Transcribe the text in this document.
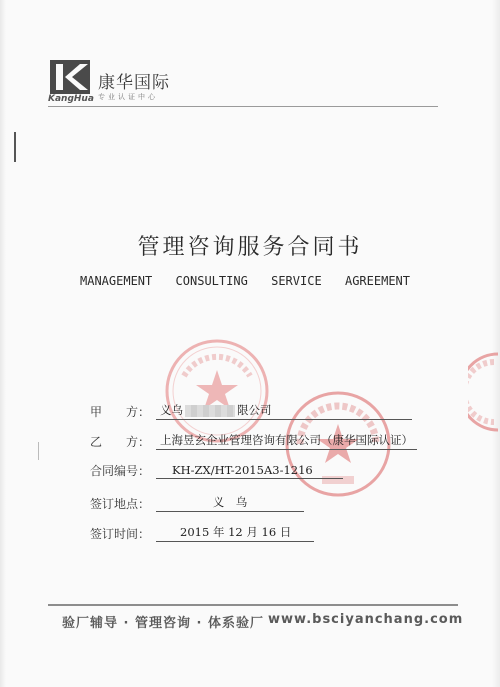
康华国际
KangHua 专业认证中心
管理咨询服务合同书
MANAGEMENT CONSULTING SERVICE AGREEMENT
甲　　方： 义乌	限公司
乙　　方： 上海昱玄企业管理咨询有限公司（康华国际认证）
合同编号：	KH-ZX/HT-2015A3-1216
签订地点：	义　乌
签订时间：	2015 年 12 月 16 日
验厂辅导 · 管理咨询 · 体系验厂 www.bsciyanchang.com
